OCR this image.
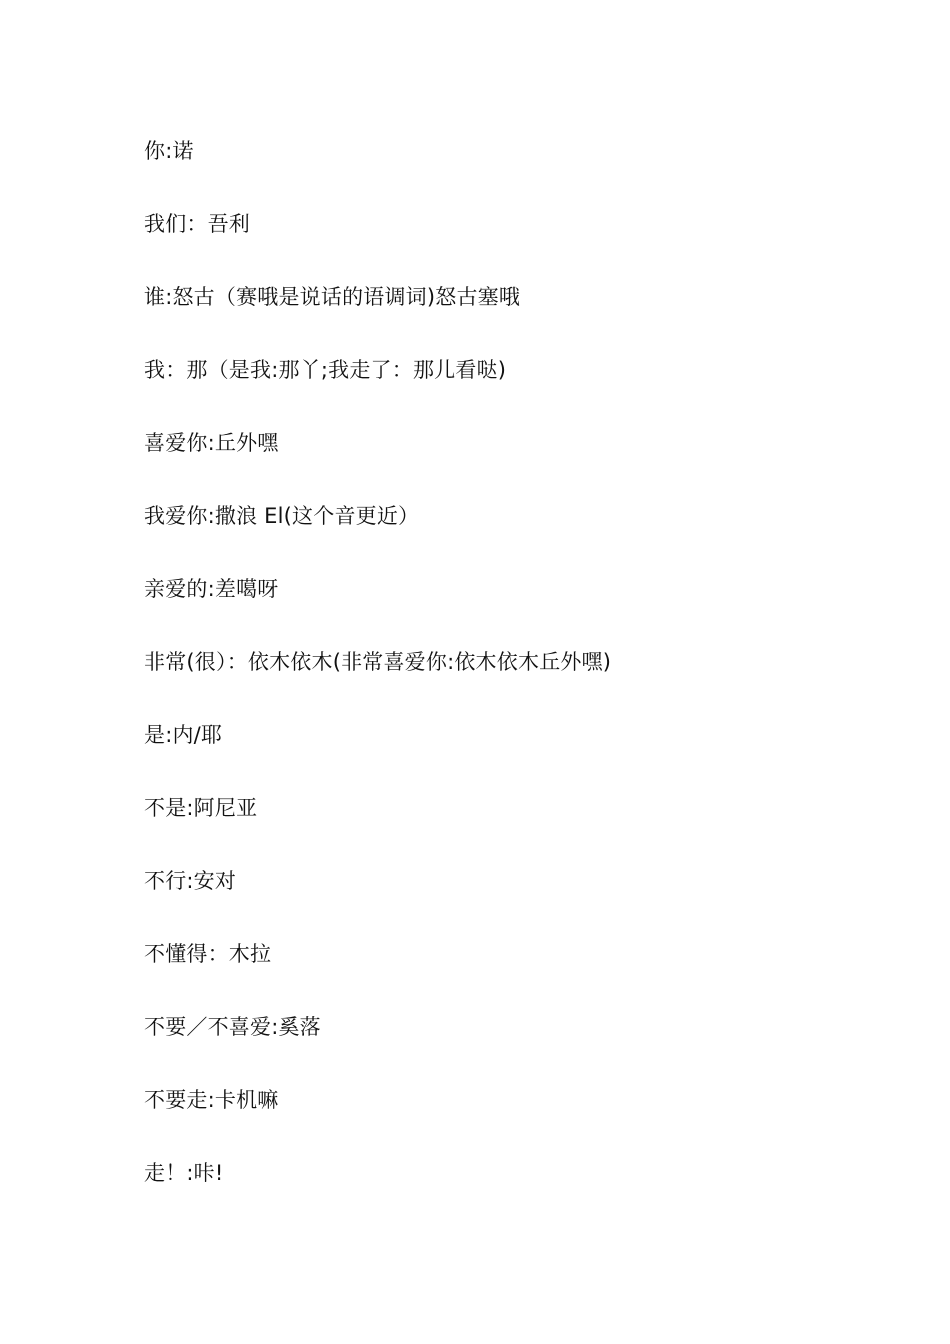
你:诺
我们：吾利
谁:怒古（赛哦是说话的语调词)怒古塞哦
我：那（是我:那丫;我走了：那儿看哒)
喜爱你:丘外嘿
我爱你:撒浪 El(这个音更近）
亲爱的:差噶呀
非常(很）：依木依木(非常喜爱你:依木依木丘外嘿)
是:内/耶
不是:阿尼亚
不行:安对
不懂得：木拉
不要／不喜爱:奚落
不要走:卡机嘛
走！:咔!
